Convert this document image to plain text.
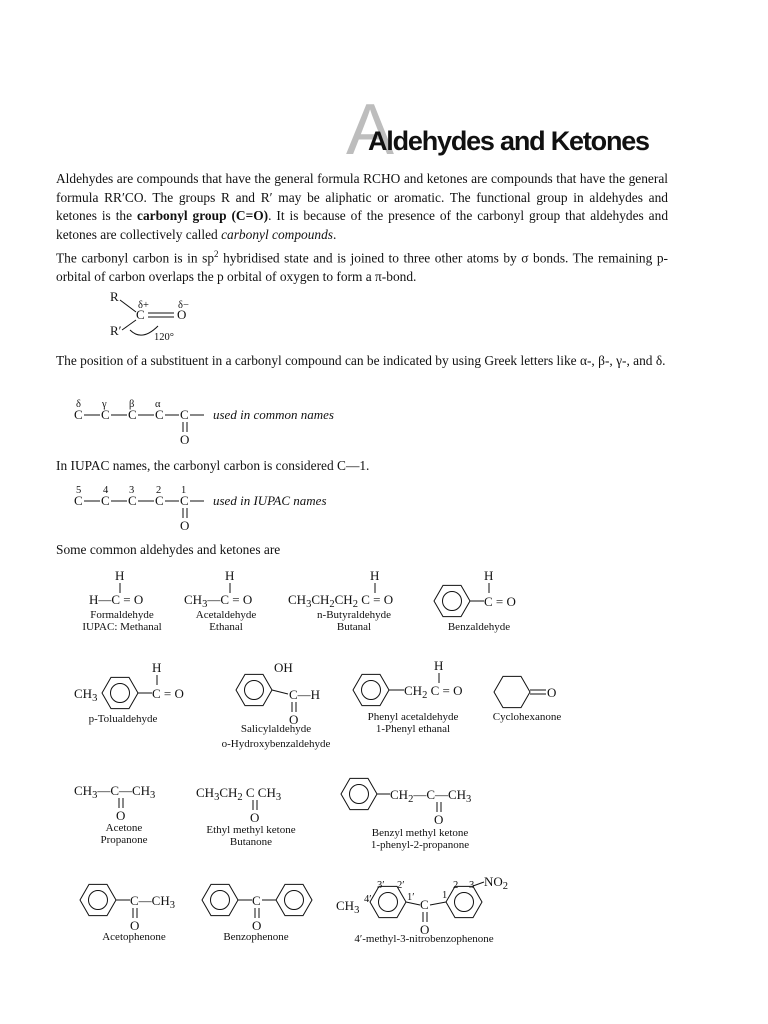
A
Aldehydes and Ketones
Aldehydes are compounds that have the general formula RCHO and ketones are compounds that have the general formula RR′CO. The groups R and R′ may be aliphatic or aromatic. The functional group in aldehydes and ketones is the carbonyl group (C=O). It is because of the presence of the carbonyl group that aldehydes and ketones are collectively called carbonyl compounds.
The carbonyl carbon is in $sp^2$ hybridised state and is joined to three other atoms by σ bonds. The remaining p-orbital of carbon overlaps the p orbital of oxygen to form a π-bond.
R
δ+	δ−
C O
R′	120°
The position of a substituent in a carbonyl compound can be indicated by using Greek letters like α-, β-, γ-, and δ.
δ γ β α
C C C C C
O
used in common names
In IUPAC names, the carbonyl carbon is considered C—1.
5 4 3 2 1
C C C C C
O
used in IUPAC names
Some common aldehydes and ketones are
H
H—C = O
H
$CH_3—C = O$
H
$CH_3CH_2CH_2$ C = O
H
C = O
$CH_3$
H
C = O
OH
C—H
O
H
$CH_2$ C = O	O
$CH_3—C—CH_3$
O
$CH_3CH_2$ C $CH_3$
O
$CH_2—C—CH_3$
O
$C—CH_3$
O
C
O
$CH_3$
3′ 2′
4′	1′ C
1
2 3 $NO_2$
O
Formaldehyde
IUPAC: Methanal
Acetaldehyde
Ethanal
n-Butyraldehyde
Butanal	Benzaldehyde
p-Tolualdehyde
Salicylaldehyde
o-Hydroxybenzaldehyde
Phenyl acetaldehyde
1-Phenyl ethanal
Cyclohexanone
Acetone
Propanone
Ethyl methyl ketone
Butanone
Benzyl methyl ketone
1-phenyl-2-propanone
Acetophenone	Benzophenone	4′-methyl-3-nitrobenzophenone
